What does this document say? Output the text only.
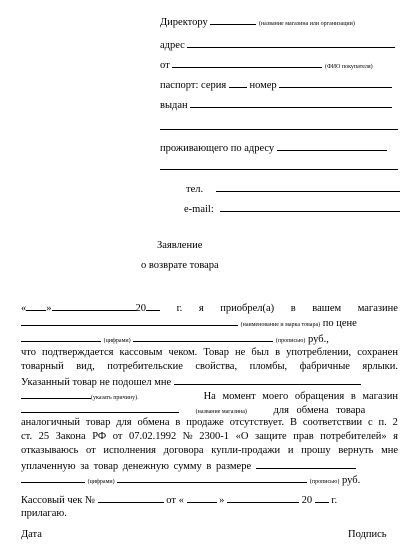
Директору	(название магазина или организации)
адрес
от	(ФИО покупателя)
паспорт: серия номер
выдан
проживающего по адресу
тел.
e-mail:
Заявление
о возврате товара
« »	20	г. я приобрел(а) в вашем магазине
(наименование и марка товара) по цене
(цифрами)	(прописью) руб.,
что подтверждается кассовым чеком. Товар не был в употреблении, сохранен
товарный вид, потребительские свойства, пломбы, фабричные ярлыки.
Указанный товар не подошел мне
(указать причину).	На момент моего обращения в магазин
(название магазина)	для обмена товара
аналогичный товар для обмена в продаже отсутствует. В соответствии с п. 2
ст. 25 Закона РФ от 07.02.1992 № 2300-1 «О защите прав потребителей» я
отказываюсь от исполнения договора купли-продажи и прошу вернуть мне
уплаченную за товар денежную сумму в размере
(цифрами)	(прописью) руб.
Кассовый чек №	от «	»	20 г.
прилагаю.
Дата	Подпись
